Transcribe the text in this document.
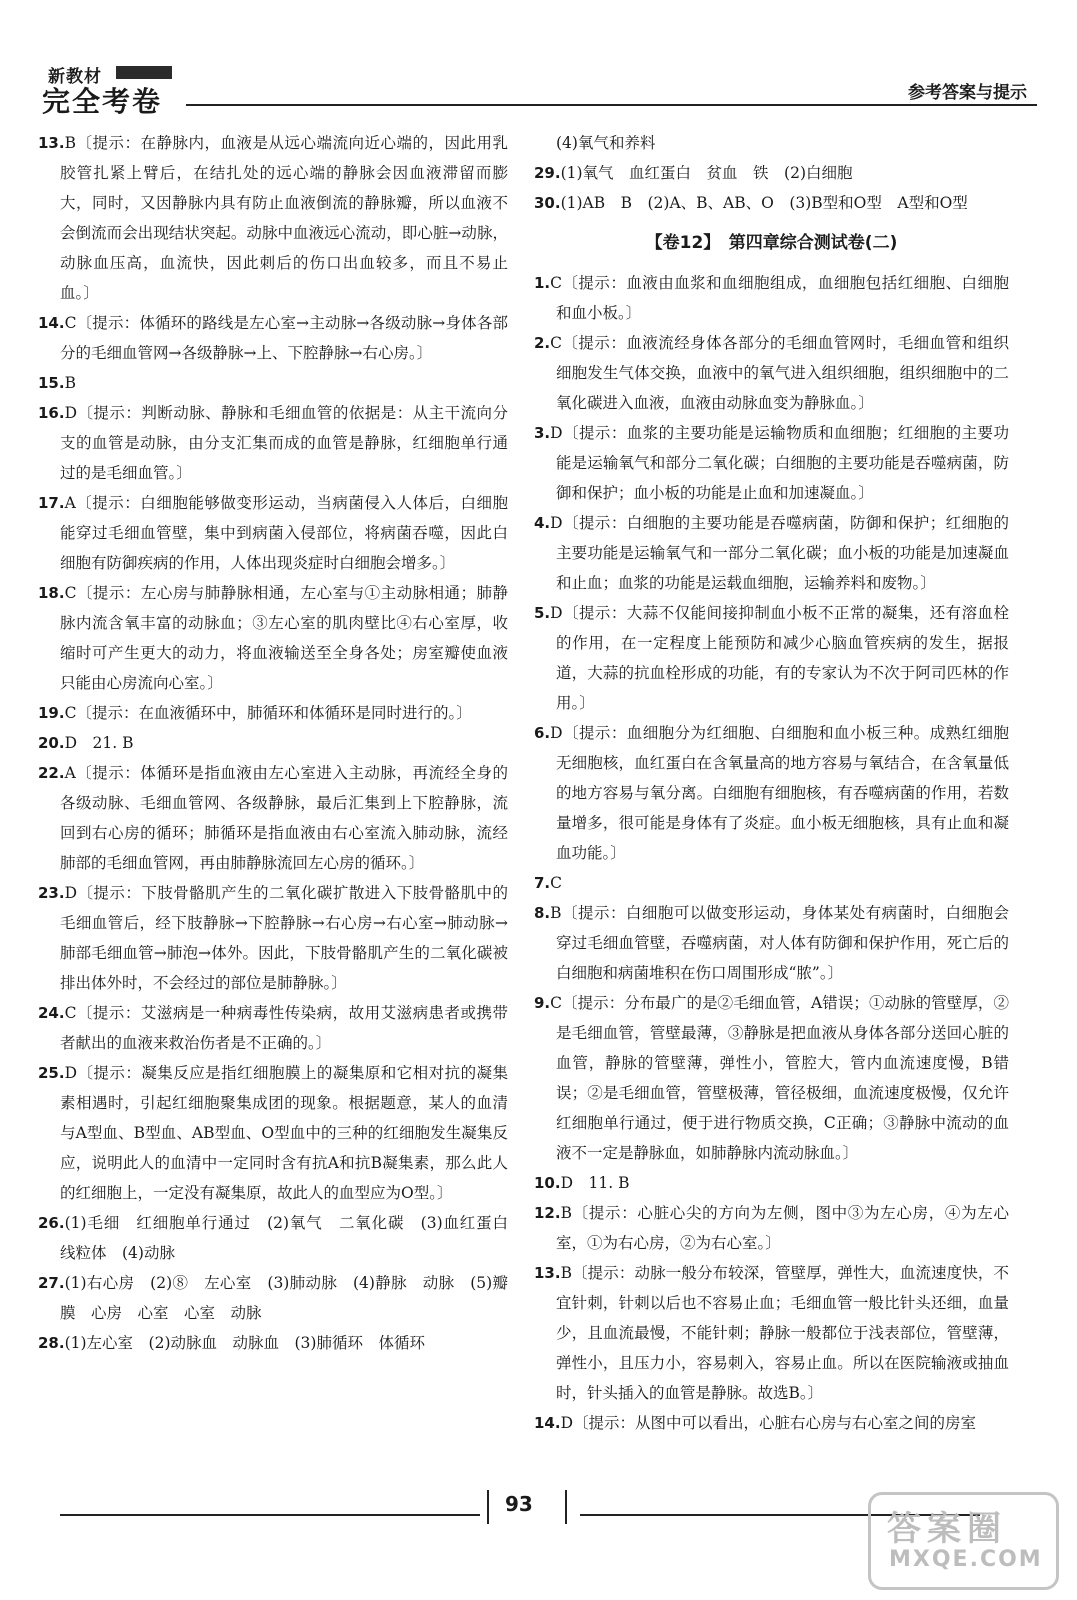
新教材
完全考卷	参考答案与提示

13.B〔提示：在静脉内，血液是从远心端流向近心端的，因此用乳胶管扎紧上臂后，在结扎处的远心端的静脉会因血液滞留而膨大，同时，又因静脉内具有防止血液倒流的静脉瓣，所以血液不会倒流而会出现结状突起。动脉中血液远心流动，即心脏→动脉，动脉血压高，血流快，因此刺后的伤口出血较多，而且不易止血。〕

14.C〔提示：体循环的路线是左心室→主动脉→各级动脉→身体各部分的毛细血管网→各级静脉→上、下腔静脉→右心房。〕

15.B

16.D〔提示：判断动脉、静脉和毛细血管的依据是：从主干流向分支的血管是动脉，由分支汇集而成的血管是静脉，红细胞单行通过的是毛细血管。〕

17.A〔提示：白细胞能够做变形运动，当病菌侵入人体后，白细胞能穿过毛细血管壁，集中到病菌入侵部位，将病菌吞噬，因此白细胞有防御疾病的作用，人体出现炎症时白细胞会增多。〕

18.C〔提示：左心房与肺静脉相通，左心室与①主动脉相通；肺静脉内流含氧丰富的动脉血；③左心室的肌肉壁比④右心室厚，收缩时可产生更大的动力，将血液输送至全身各处；房室瓣使血液只能由心房流向心室。〕

19.C〔提示：在血液循环中，肺循环和体循环是同时进行的。〕

20.D　21. B

22.A〔提示：体循环是指血液由左心室进入主动脉，再流经全身的各级动脉、毛细血管网、各级静脉，最后汇集到上下腔静脉，流回到右心房的循环；肺循环是指血液由右心室流入肺动脉，流经肺部的毛细血管网，再由肺静脉流回左心房的循环。〕

23.D〔提示：下肢骨骼肌产生的二氧化碳扩散进入下肢骨骼肌中的毛细血管后，经下肢静脉→下腔静脉→右心房→右心室→肺动脉→肺部毛细血管→肺泡→体外。因此，下肢骨骼肌产生的二氧化碳被排出体外时，不会经过的部位是肺静脉。〕

24.C〔提示：艾滋病是一种病毒性传染病，故用艾滋病患者或携带者献出的血液来救治伤者是不正确的。〕

25.D〔提示：凝集反应是指红细胞膜上的凝集原和它相对抗的凝集素相遇时，引起红细胞聚集成团的现象。根据题意，某人的血清与A型血、B型血、AB型血、O型血中的三种的红细胞发生凝集反应，说明此人的血清中一定同时含有抗A和抗B凝集素，那么此人的红细胞上，一定没有凝集原，故此人的血型应为O型。〕

26.(1)毛细　红细胞单行通过　(2)氧气　二氧化碳　(3)血红蛋白　线粒体　(4)动脉

27.(1)右心房　(2)⑧　左心室　(3)肺动脉　(4)静脉　动脉　(5)瓣膜　心房　心室　心室　动脉

28.(1)左心室　(2)动脉血　动脉血　(3)肺循环　体循环

(4)氧气和养料

29.(1)氧气　血红蛋白　贫血　铁　(2)白细胞

30.(1)AB　B　(2)A、B、AB、O　(3)B型和O型　A型和O型

【卷12】　第四章综合测试卷(二)

1.C〔提示：血液由血浆和血细胞组成，血细胞包括红细胞、白细胞和血小板。〕

2.C〔提示：血液流经身体各部分的毛细血管网时，毛细血管和组织细胞发生气体交换，血液中的氧气进入组织细胞，组织细胞中的二氧化碳进入血液，血液由动脉血变为静脉血。〕

3.D〔提示：血浆的主要功能是运输物质和血细胞；红细胞的主要功能是运输氧气和部分二氧化碳；白细胞的主要功能是吞噬病菌，防御和保护；血小板的功能是止血和加速凝血。〕

4.D〔提示：白细胞的主要功能是吞噬病菌，防御和保护；红细胞的主要功能是运输氧气和一部分二氧化碳；血小板的功能是加速凝血和止血；血浆的功能是运载血细胞，运输养料和废物。〕

5.D〔提示：大蒜不仅能间接抑制血小板不正常的凝集，还有溶血栓的作用，在一定程度上能预防和减少心脑血管疾病的发生，据报道，大蒜的抗血栓形成的功能，有的专家认为不次于阿司匹林的作用。〕

6.D〔提示：血细胞分为红细胞、白细胞和血小板三种。成熟红细胞无细胞核，血红蛋白在含氧量高的地方容易与氧结合，在含氧量低的地方容易与氧分离。白细胞有细胞核，有吞噬病菌的作用，若数量增多，很可能是身体有了炎症。血小板无细胞核，具有止血和凝血功能。〕

7.C

8.B〔提示：白细胞可以做变形运动，身体某处有病菌时，白细胞会穿过毛细血管壁，吞噬病菌，对人体有防御和保护作用，死亡后的白细胞和病菌堆积在伤口周围形成“脓”。〕

9.C〔提示：分布最广的是②毛细血管，A错误；①动脉的管壁厚，②是毛细血管，管壁最薄，③静脉是把血液从身体各部分送回心脏的血管，静脉的管壁薄，弹性小，管腔大，管内血流速度慢，B错误；②是毛细血管，管壁极薄，管径极细，血流速度极慢，仅允许红细胞单行通过，便于进行物质交换，C正确；③静脉中流动的血液不一定是静脉血，如肺静脉内流动脉血。〕

10.D　11. B

12.B〔提示：心脏心尖的方向为左侧，图中③为左心房，④为左心室，①为右心房，②为右心室。〕

13.B〔提示：动脉一般分布较深，管壁厚，弹性大，血流速度快，不宜针刺，针刺以后也不容易止血；毛细血管一般比针头还细，血量少，且血流最慢，不能针刺；静脉一般都位于浅表部位，管壁薄，弹性小，且压力小，容易刺入，容易止血。所以在医院输液或抽血时，针头插入的血管是静脉。故选B。〕

14.D〔提示：从图中可以看出，心脏右心房与右心室之间的房室

93
答案圈
MXQE.COM
